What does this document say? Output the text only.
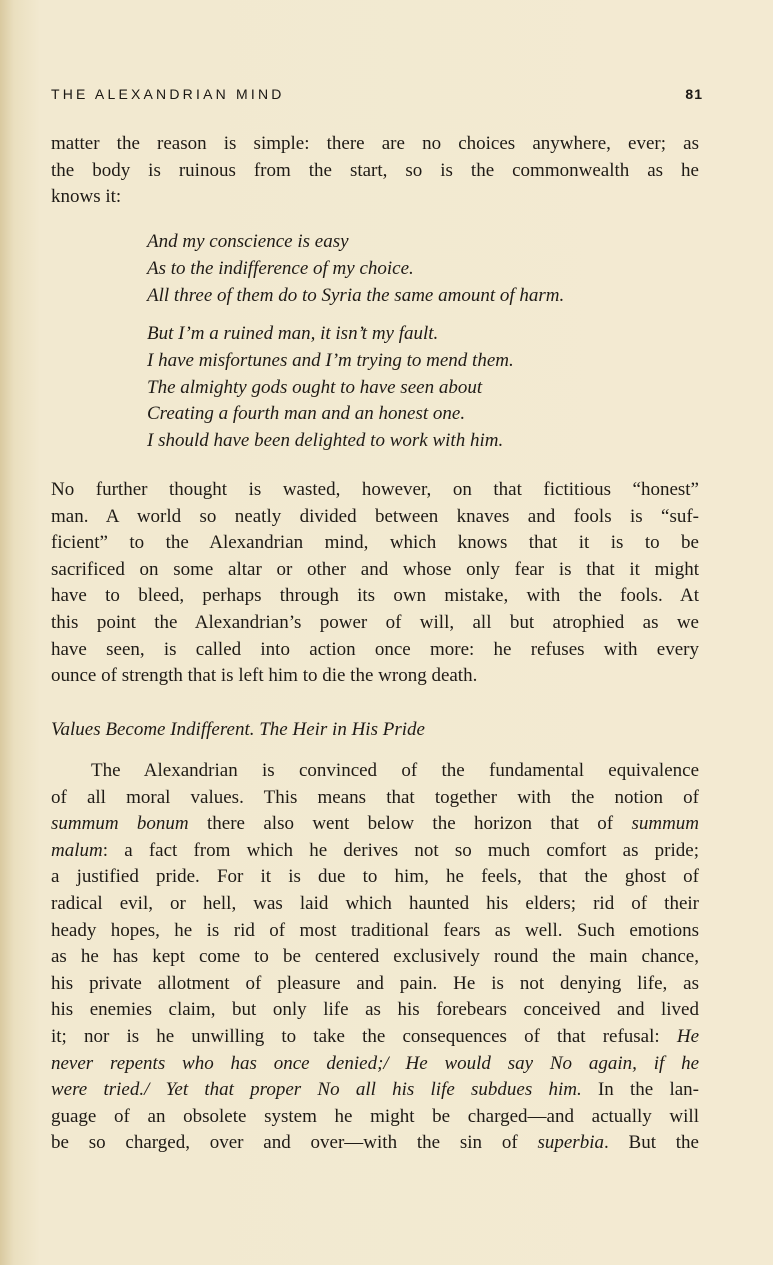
THE ALEXANDRIAN MIND	81
matter the reason is simple: there are no choices anywhere, ever; as
the body is ruinous from the start, so is the commonwealth as he
knows it:
And my conscience is easy
As to the indifference of my choice.
All three of them do to Syria the same amount of harm.
But I’m a ruined man, it isn’t my fault.
I have misfortunes and I’m trying to mend them.
The almighty gods ought to have seen about
Creating a fourth man and an honest one.
I should have been delighted to work with him.
No further thought is wasted, however, on that fictitious “honest”
man. A world so neatly divided between knaves and fools is “suf-
ficient” to the Alexandrian mind, which knows that it is to be
sacrificed on some altar or other and whose only fear is that it might
have to bleed, perhaps through its own mistake, with the fools. At
this point the Alexandrian’s power of will, all but atrophied as we
have seen, is called into action once more: he refuses with every
ounce of strength that is left him to die the wrong death.
Values Become Indifferent. The Heir in His Pride
The Alexandrian is convinced of the fundamental equivalence
of all moral values. This means that together with the notion of
summum bonum there also went below the horizon that of summum
malum: a fact from which he derives not so much comfort as pride;
a justified pride. For it is due to him, he feels, that the ghost of
radical evil, or hell, was laid which haunted his elders; rid of their
heady hopes, he is rid of most traditional fears as well. Such emotions
as he has kept come to be centered exclusively round the main chance,
his private allotment of pleasure and pain. He is not denying life, as
his enemies claim, but only life as his forebears conceived and lived
it; nor is he unwilling to take the consequences of that refusal: He
never repents who has once denied;/ He would say No again, if he
were tried./ Yet that proper No all his life subdues him. In the lan-
guage of an obsolete system he might be charged—and actually will
be so charged, over and over—with the sin of superbia. But the
